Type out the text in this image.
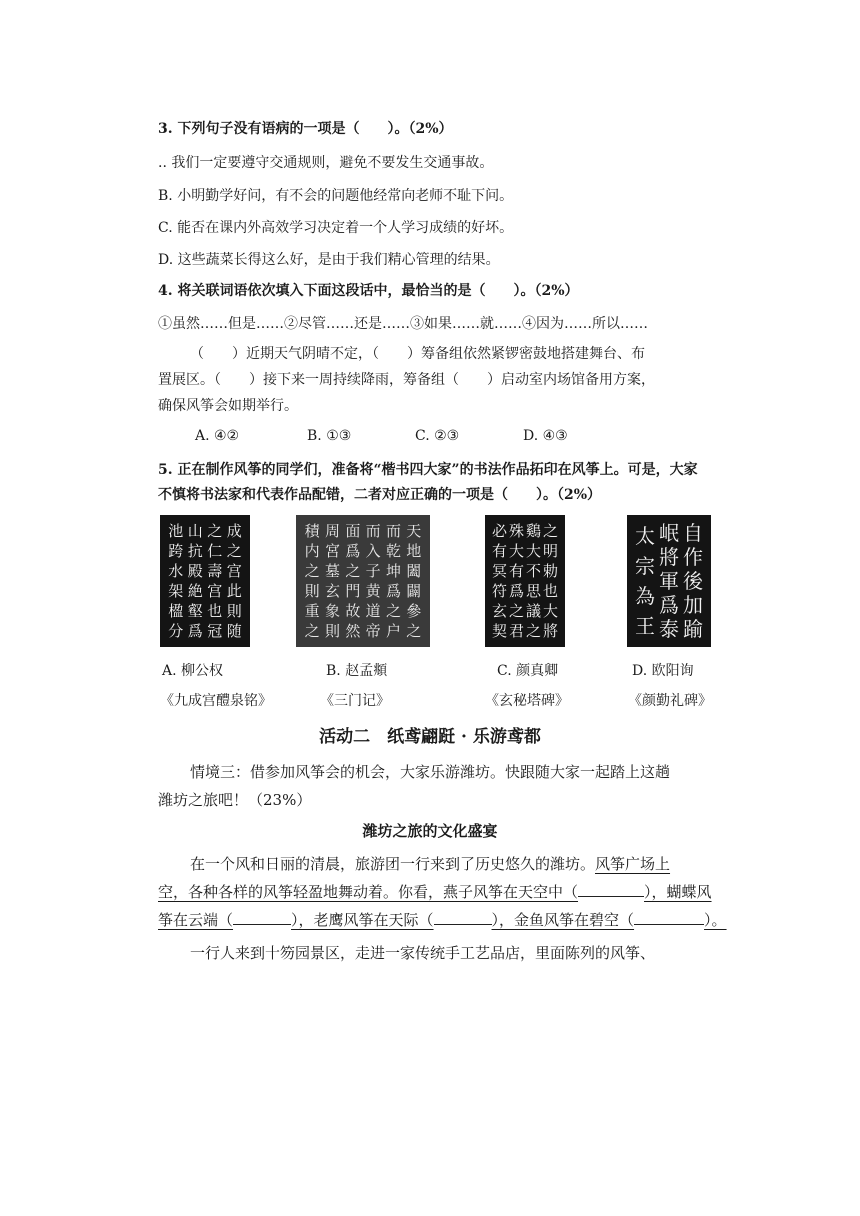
3. 下列句子没有语病的一项是（　　）。（2%）
.. 我们一定要遵守交通规则，避免不要发生交通事故。
B. 小明勤学好问，有不会的问题他经常向老师不耻下问。
C. 能否在课内外高效学习决定着一个人学习成绩的好坏。
D. 这些蔬菜长得这么好，是由于我们精心管理的结果。
4. 将关联词语依次填入下面这段话中，最恰当的是（　　）。（2%）
①虽然……但是……②尽管……还是……③如果……就……④因为……所以……
（　　）近期天气阴晴不定，（　　）筹备组依然紧锣密鼓地搭建舞台、布
置展区。（　　）接下来一周持续降雨，筹备组（　　）启动室内场馆备用方案，
确保风筝会如期举行。
A. ④②	B. ①③	C. ②③	D. ④③
5. 正在制作风筝的同学们，准备将“楷书四大家”的书法作品拓印在风筝上。可是，大家
不慎将书法家和代表作品配错，二者对应正确的一项是（　　）。（2%）
成
之
宫
此
則
随
之
仁
壽
宫
也
冠
山
抗
殿
絶
壑
爲
池
跨
水
架
楹
分
天
地
闔
闢
參
之
而
乾
坤
爲
之
户
而
入
子
黄
道
帝
面
爲
之
門
故
然
周
宮
墓
玄
象
則
積
内
之
則
重
之
之
明
勅
也
大
將
鷄
大
不
思
議
之
殊
大
有
爲
之
君
必
有
冥
符
玄
契
自
作
後
加
踰
岷
將
軍
爲
泰
太
宗
為
王
A. 柳公权
《九成宫醴泉铭》
B. 赵孟頫
《三门记》
C. 颜真卿
《玄秘塔碑》
D. 欧阳询
《颜勤礼碑》
活动二　纸鸢翩跹 · 乐游鸢都
情境三：借参加风筝会的机会，大家乐游潍坊。快跟随大家一起踏上这趟
潍坊之旅吧！（23%）
潍坊之旅的文化盛宴
在一个风和日丽的清晨，旅游团一行来到了历史悠久的潍坊。风筝广场上
空，各种各样的风筝轻盈地舞动着。你看，燕子风筝在天空中（	），蝴蝶风
筝在云端（	），老鹰风筝在天际（	），金鱼风筝在碧空（	）。
一行人来到十笏园景区，走进一家传统手工艺品店，里面陈列的风筝、
